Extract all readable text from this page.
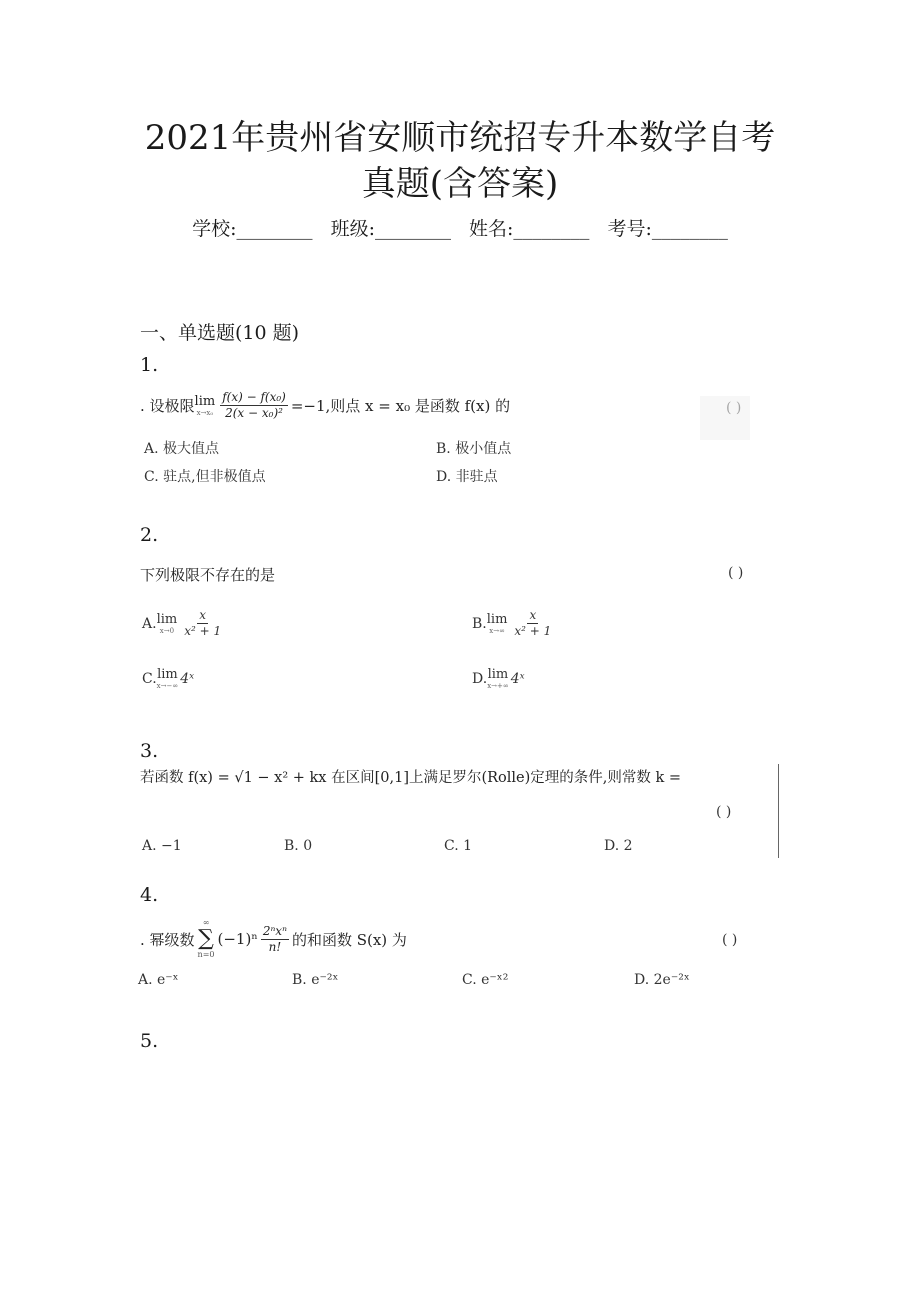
2021年贵州省安顺市统招专升本数学自考
真题(含答案)
学校:________ 班级:________ 姓名:________ 考号:________
一、单选题(10 题)
1.
. 设极限 lim
$x\to x_0 \frac{\text{f(x) − f(x₀)}}{\text{2(x − x₀)²}} =-1$,则点 x = x₀ 是函数 f(x) 的
A. 极大值点	B. 极小值点
C. 驻点,但非极值点	D. 非驻点
2.
下列极限不存在的是	( )
A. lim
$x\to 0 \frac{x}{\text{x² + 1}}$	B. lim
$x\to\infty \frac{x}{\text{x² + 1}}$
C. lim
x→−∞ 4ˣ	D. lim
x→+∞ 4ˣ
3.
若函数 f(x) = √1 − x² + kx 在区间[0,1]上满足罗尔(Rolle)定理的条件,则常数 k =
( )
A. −1	B. 0	C. 1	D. 2
4.
. 幂级数
∞
∑
n=0
$(-1)^n \frac{\text{2ⁿxⁿ}}{n!}$ 的和函数 S(x) 为	( )
A. e⁻ˣ	B. e⁻²ˣ	C. e⁻ˣ²	D. 2e⁻²ˣ
5.
